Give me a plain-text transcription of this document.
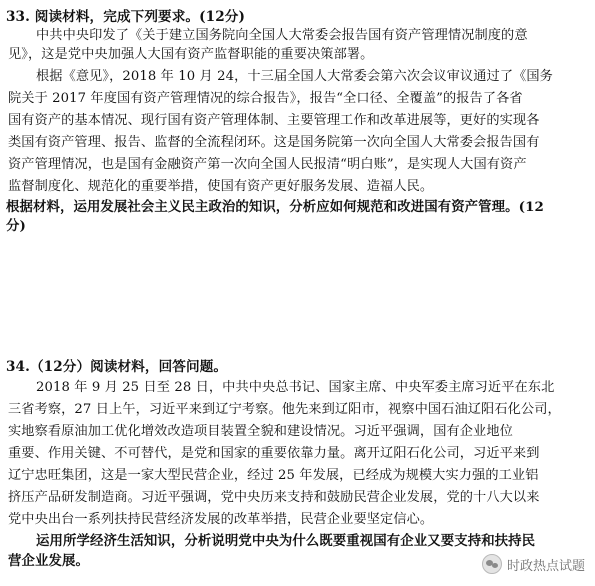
33. 阅读材料，完成下列要求。(12分)
中共中央印发了《关于建立国务院向全国人大常委会报告国有资产管理情况制度的意
见》，这是党中央加强人大国有资产监督职能的重要决策部署。
根据《意见》，2018 年 10 月 24，十三届全国人大常委会第六次会议审议通过了《国务
院关于 2017 年度国有资产管理情况的综合报告》，报告“全口径、全覆盖”的报告了各省
国有资产的基本情况、现行国有资产管理体制、主要管理工作和改革进展等，更好的实现各
类国有资产管理、报告、监督的全流程闭环。这是国务院第一次向全国人大常委会报告国有
资产管理情况，也是国有金融资产第一次向全国人民报清“明白账”，是实现人大国有资产
监督制度化、规范化的重要举措，使国有资产更好服务发展、造福人民。
根据材料，运用发展社会主义民主政治的知识，分析应如何规范和改进国有资产管理。(12
分)
34.（12分）阅读材料，回答问题。
2018 年 9 月 25 日至 28 日，中共中央总书记、国家主席、中央军委主席习近平在东北
三省考察，27 日上午，习近平来到辽宁考察。他先来到辽阳市，视察中国石油辽阳石化公司，
实地察看原油加工优化增效改造项目装置全貌和建设情况。习近平强调，国有企业地位
重要、作用关键、不可替代，是党和国家的重要依靠力量。离开辽阳石化公司，习近平来到
辽宁忠旺集团，这是一家大型民营企业，经过 25 年发展，已经成为规模大实力强的工业铝
挤压产品研发制造商。习近平强调，党中央历来支持和鼓励民营企业发展，党的十八大以来
党中央出台一系列扶持民营经济发展的改革举措，民营企业要坚定信心。
运用所学经济生活知识，分析说明党中央为什么既要重视国有企业又要支持和扶持民
营企业发展。	时政热点试题
